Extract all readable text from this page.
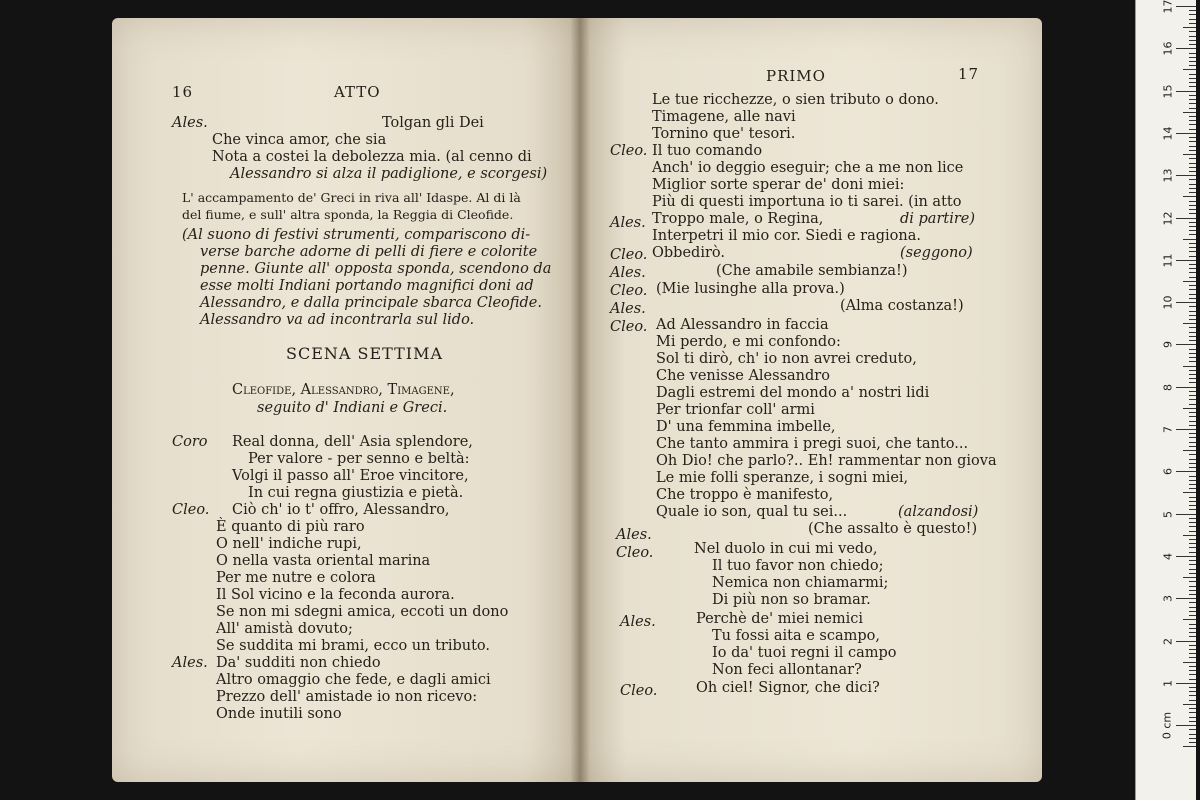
16	ATTO
Ales.	Tolgan gli Dei
Che vinca amor, che sia
Nota a costei la debolezza mia. (al cenno di
Alessandro si alza il padiglione, e scorgesi)
L' accampamento de' Greci in riva all' Idaspe. Al di là
del fiume, e sull' altra sponda, la Reggia di Cleofide.
(Al suono di festivi strumenti, compariscono di-
verse barche adorne di pelli di fiere e colorite
penne. Giunte all' opposta sponda, scendono da
esse molti Indiani portando magnifici doni ad
Alessandro, e dalla principale sbarca Cleofide.
Alessandro va ad incontrarla sul lido.
SCENA SETTIMA
Cleofide, Alessandro, Timagene,
seguito d' Indiani e Greci.
Coro Real donna, dell' Asia splendore,
Per valore - per senno e beltà:
Volgi il passo all' Eroe vincitore,
In cui regna giustizia e pietà.
Cleo. Ciò ch' io t' offro, Alessandro,
È quanto di più raro
O nell' indiche rupi,
O nella vasta oriental marina
Per me nutre e colora
Il Sol vicino e la feconda aurora.
Se non mi sdegni amica, eccoti un dono
All' amistà dovuto;
Se suddita mi brami, ecco un tributo.
Ales. Da' sudditi non chiedo
Altro omaggio che fede, e dagli amici
Prezzo dell' amistade io non ricevo:
Onde inutili sono
PRIMO	17
Le tue ricchezze, o sien tributo o dono.
Timagene, alle navi
Tornino que' tesori.
Cleo. Il tuo comando
Anch' io deggio eseguir; che a me non lice
Miglior sorte sperar de' doni miei:
Più di questi importuna io ti sarei. (in atto
Ales. Troppo male, o Regina,	di partire)
Interpetri il mio cor. Siedi e ragiona.
Cleo. Obbedirò.	(seggono)
Ales.	(Che amabile sembianza!)
Cleo. (Mie lusinghe alla prova.)
Ales.	(Alma costanza!)
Cleo. Ad Alessandro in faccia
Mi perdo, e mi confondo:
Sol ti dirò, ch' io non avrei creduto,
Che venisse Alessandro
Dagli estremi del mondo a' nostri lidi
Per trionfar coll' armi
D' una femmina imbelle,
Che tanto ammira i pregi suoi, che tanto...
Oh Dio! che parlo?.. Eh! rammentar non giova
Le mie folli speranze, i sogni miei,
Che troppo è manifesto,
Quale io son, qual tu sei...	(alzandosi)
Ales.	(Che assalto è questo!)
Cleo.	Nel duolo in cui mi vedo,
Il tuo favor non chiedo;
Nemica non chiamarmi;
Di più non so bramar.
Ales.	Perchè de' miei nemici
Tu fossi aita e scampo,
Io da' tuoi regni il campo
Non feci allontanar?
Cleo.	Oh ciel! Signor, che dici?
17
16
15
14
13
12
11
10
9
8
7
6
5
4
3
2
1
0 cm
